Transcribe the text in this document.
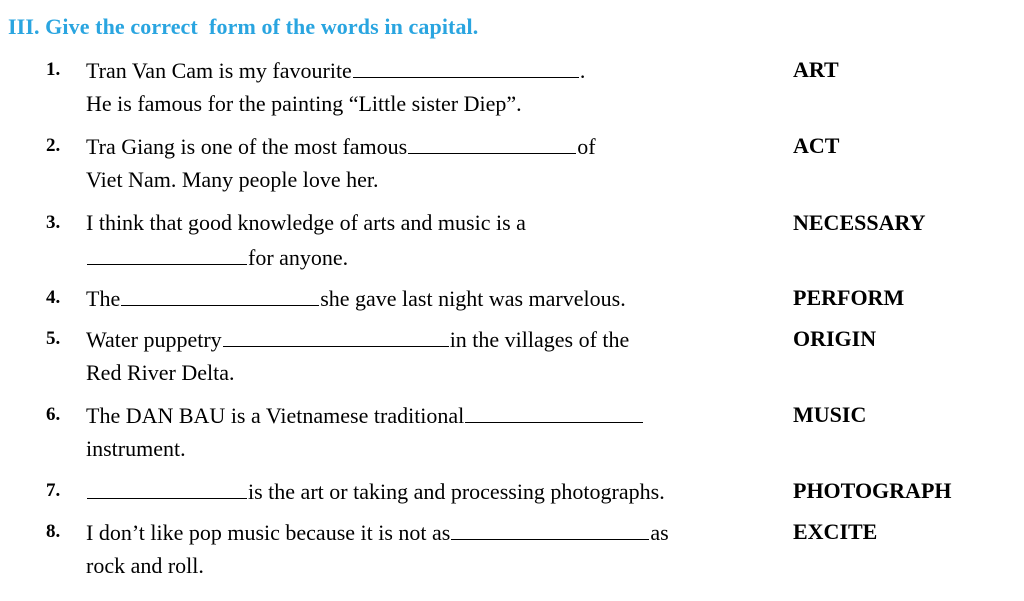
III. Give the correct  form of the words in capital.
1. Tran Van Cam is my favourite	.
He is famous for the painting “Little sister Diep”.
ART
2. Tra Giang is one of the most famous	of
Viet Nam. Many people love her.
ACT
3. I think that good knowledge of arts and music is a
for anyone.
NECESSARY
4. The	she gave last night was marvelous.	PERFORM
5. Water puppetry	in the villages of the
Red River Delta.
ORIGIN
6. The DAN BAU is a Vietnamese traditional
instrument.
MUSIC
7.	is the art or taking and processing photographs.	PHOTOGRAPH
8. I don’t like pop music because it is not as	as
rock and roll.
EXCITE
